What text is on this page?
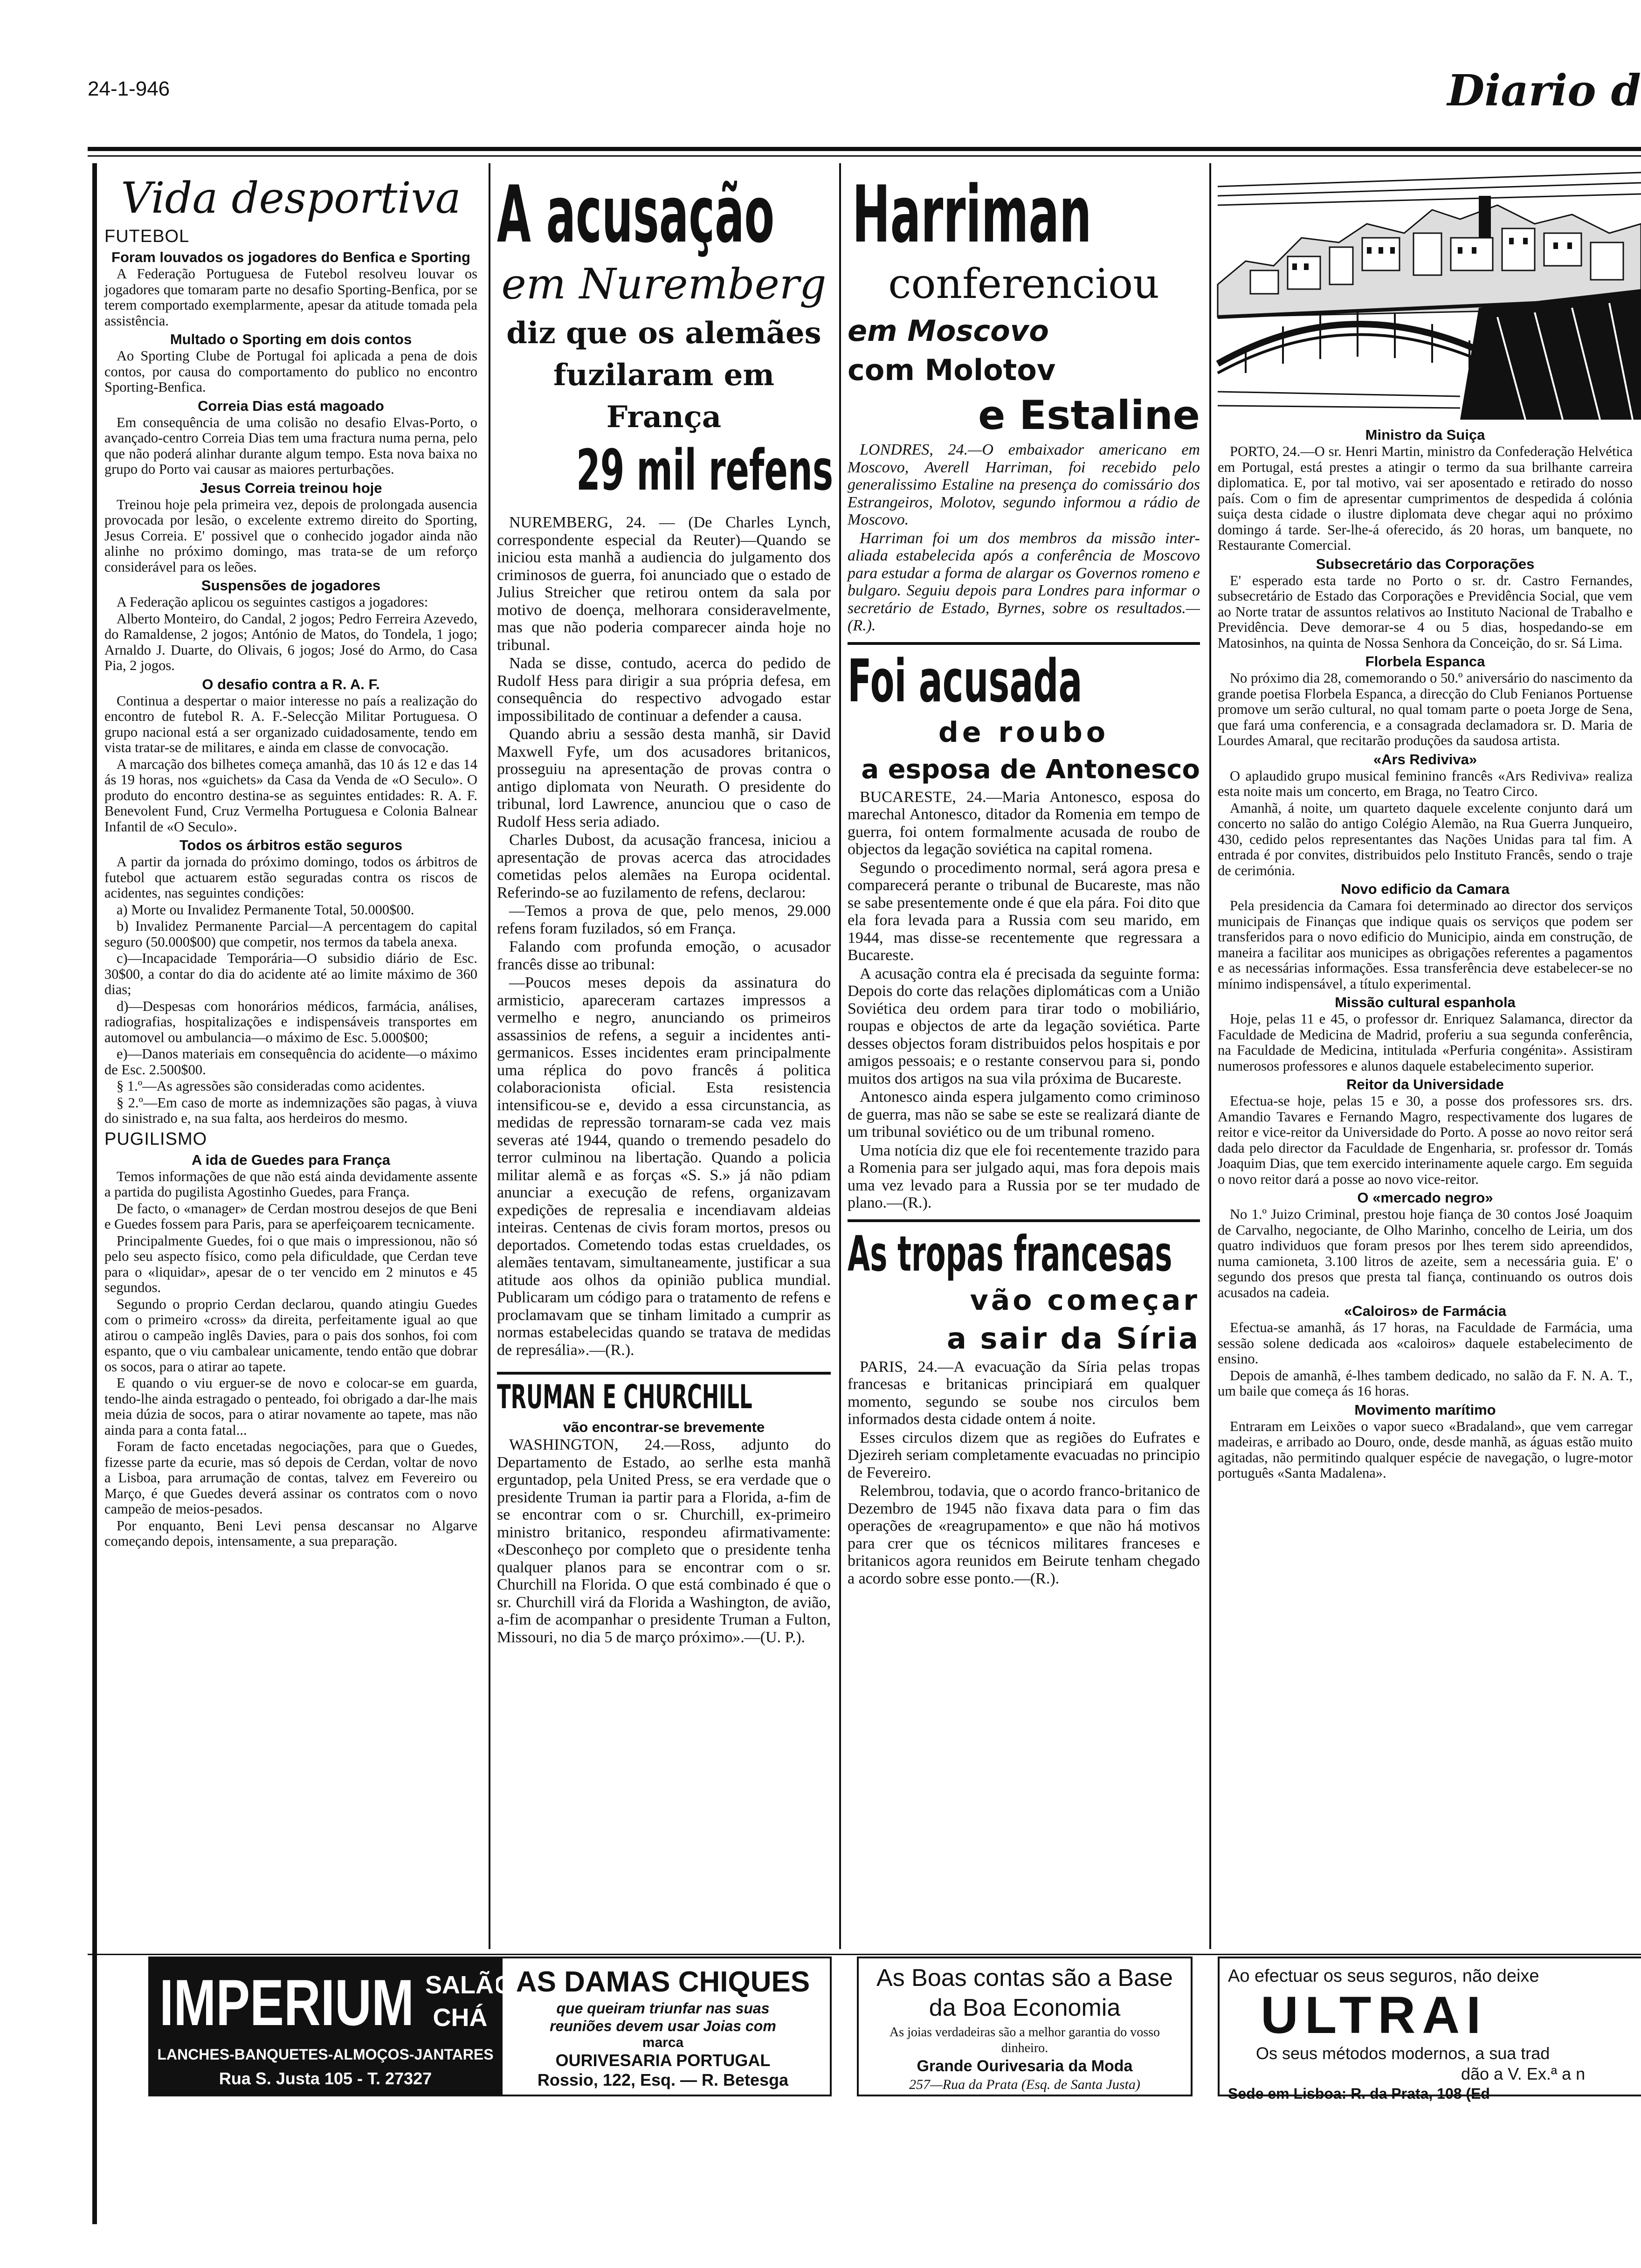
24-1-946	Diario d
Vida desportiva
FUTEBOL
Foram louvados os jogadores do Benfica e Sporting

A Federação Portuguesa de Futebol resolveu louvar os jogadores que tomaram parte no desafio Sporting-Benfica, por se terem comportado exemplarmente, apesar da atitude tomada pela assistência.

Multado o Sporting em dois contos

Ao Sporting Clube de Portugal foi aplicada a pena de dois contos, por causa do comportamento do publico no encontro Sporting-Benfica.

Correia Dias está magoado

Em consequência de uma colisão no desafio Elvas-Porto, o avançado-centro Correia Dias tem uma fractura numa perna, pelo que não poderá alinhar durante algum tempo. Esta nova baixa no grupo do Porto vai causar as maiores perturbações.

Jesus Correia treinou hoje

Treinou hoje pela primeira vez, depois de prolongada ausencia provocada por lesão, o excelente extremo direito do Sporting, Jesus Correia. E' possivel que o conhecido jogador ainda não alinhe no próximo domingo, mas trata-se de um reforço considerável para os leões.

Suspensões de jogadores

A Federação aplicou os seguintes castigos a jogadores:

Alberto Monteiro, do Candal, 2 jogos; Pedro Ferreira Azevedo, do Ramaldense, 2 jogos; António de Matos, do Tondela, 1 jogo; Arnaldo J. Duarte, do Olivais, 6 jogos; José do Armo, do Casa Pia, 2 jogos.

O desafio contra a R. A. F.

Continua a despertar o maior interesse no país a realização do encontro de futebol R. A. F.-Selecção Militar Portuguesa. O grupo nacional está a ser organizado cuidadosamente, tendo em vista tratar-se de militares, e ainda em classe de convocação.

A marcação dos bilhetes começa amanhã, das 10 ás 12 e das 14 ás 19 horas, nos «guichets» da Casa da Venda de «O Seculo». O produto do encontro destina-se as seguintes entidades: R. A. F. Benevolent Fund, Cruz Vermelha Portuguesa e Colonia Balnear Infantil de «O Seculo».

Todos os árbitros estão seguros

A partir da jornada do próximo domingo, todos os árbitros de futebol que actuarem estão seguradas contra os riscos de acidentes, nas seguintes condições:

a) Morte ou Invalidez Permanente Total, 50.000$00.

b) Invalidez Permanente Parcial—A percentagem do capital seguro (50.000$00) que competir, nos termos da tabela anexa.

c)—Incapacidade Temporária—O subsidio diário de Esc. 30$00, a contar do dia do acidente até ao limite máximo de 360 dias;

d)—Despesas com honorários médicos, farmácia, análises, radiografias, hospitalizações e indispensáveis transportes em automovel ou ambulancia—o máximo de Esc. 5.000$00;

e)—Danos materiais em consequência do acidente—o máximo de Esc. 2.500$00.

§ 1.º—As agressões são consideradas como acidentes.

§ 2.º—Em caso de morte as indemnizações são pagas, à viuva do sinistrado e, na sua falta, aos herdeiros do mesmo.

PUGILISMO
A ida de Guedes para França

Temos informações de que não está ainda devidamente assente a partida do pugilista Agostinho Guedes, para França.

De facto, o «manager» de Cerdan mostrou desejos de que Beni e Guedes fossem para Paris, para se aperfeiçoarem tecnicamente.

Principalmente Guedes, foi o que mais o impressionou, não só pelo seu aspecto físico, como pela dificuldade, que Cerdan teve para o «liquidar», apesar de o ter vencido em 2 minutos e 45 segundos.

Segundo o proprio Cerdan declarou, quando atingiu Guedes com o primeiro «cross» da direita, perfeitamente igual ao que atirou o campeão inglês Davies, para o pais dos sonhos, foi com espanto, que o viu cambalear unicamente, tendo então que dobrar os socos, para o atirar ao tapete.

E quando o viu erguer-se de novo e colocar-se em guarda, tendo-lhe ainda estragado o penteado, foi obrigado a dar-lhe mais meia dúzia de socos, para o atirar novamente ao tapete, mas não ainda para a conta fatal...

Foram de facto encetadas negociações, para que o Guedes, fizesse parte da ecurie, mas só depois de Cerdan, voltar de novo a Lisboa, para arrumação de contas, talvez em Fevereiro ou Março, é que Guedes deverá assinar os contratos com o novo campeão de meios-pesados.

Por enquanto, Beni Levi pensa descansar no Algarve começando depois, intensamente, a sua preparação.

A acusação
em Nuremberg
diz que os alemães
fuzilaram em França
29 mil refens

NUREMBERG, 24. — (De Charles Lynch, correspondente especial da Reuter)—Quando se iniciou esta manhã a audiencia do julgamento dos criminosos de guerra, foi anunciado que o estado de Julius Streicher que retirou ontem da sala por motivo de doença, melhorara consideravelmente, mas que não poderia comparecer ainda hoje no tribunal.

Nada se disse, contudo, acerca do pedido de Rudolf Hess para dirigir a sua própria defesa, em consequência do respectivo advogado estar impossibilitado de continuar a defender a causa.

Quando abriu a sessão desta manhã, sir David Maxwell Fyfe, um dos acusadores britanicos, prosseguiu na apresentação de provas contra o antigo diplomata von Neurath. O presidente do tribunal, lord Lawrence, anunciou que o caso de Rudolf Hess seria adiado.

Charles Dubost, da acusação francesa, iniciou a apresentação de provas acerca das atrocidades cometidas pelos alemães na Europa ocidental. Referindo-se ao fuzilamento de refens, declarou:

—Temos a prova de que, pelo menos, 29.000 refens foram fuzilados, só em França.

Falando com profunda emoção, o acusador francês disse ao tribunal:

—Poucos meses depois da assinatura do armisticio, apareceram cartazes impressos a vermelho e negro, anunciando os primeiros assassinios de refens, a seguir a incidentes anti-germanicos. Esses incidentes eram principalmente uma réplica do povo francês á politica colaboracionista oficial. Esta resistencia intensificou-se e, devido a essa circunstancia, as medidas de repressão tornaram-se cada vez mais severas até 1944, quando o tremendo pesadelo do terror culminou na libertação. Quando a policia militar alemã e as forças «S. S.» já não pdiam anunciar a execução de refens, organizavam expedições de represalia e incendiavam aldeias inteiras. Centenas de civis foram mortos, presos ou deportados. Cometendo todas estas crueldades, os alemães tentavam, simultaneamente, justificar a sua atitude aos olhos da opinião publica mundial. Publicaram um código para o tratamento de refens e proclamavam que se tinham limitado a cumprir as normas estabelecidas quando se tratava de medidas de represália».—(R.).

TRUMAN E CHURCHILL
vão encontrar-se brevemente

WASHINGTON, 24.—Ross, adjunto do Departamento de Estado, ao serlhe esta manhã erguntadop, pela United Press, se era verdade que o presidente Truman ia partir para a Florida, a-fim de se encontrar com o sr. Churchill, ex-primeiro ministro britanico, respondeu afirmativamente: «Desconheço por completo que o presidente tenha qualquer planos para se encontrar com o sr. Churchill na Florida. O que está combinado é que o sr. Churchill virá da Florida a Washington, de avião, a-fim de acompanhar o presidente Truman a Fulton, Missouri, no dia 5 de março próximo».—(U. P.).

Harriman
conferenciou
em Moscovo
com Molotov
e Estaline

LONDRES, 24.—O embaixador americano em Moscovo, Averell Harriman, foi recebido pelo generalissimo Estaline na presença do comissário dos Estrangeiros, Molotov, segundo informou a rádio de Moscovo.

Harriman foi um dos membros da missão inter-aliada estabelecida após a conferência de Moscovo para estudar a forma de alargar os Governos romeno e bulgaro. Seguiu depois para Londres para informar o secretário de Estado, Byrnes, sobre os resultados.—(R.).

Foi acusada
de roubo
a esposa de Antonesco

BUCARESTE, 24.—Maria Antonesco, esposa do marechal Antonesco, ditador da Romenia em tempo de guerra, foi ontem formalmente acusada de roubo de objectos da legação soviética na capital romena.

Segundo o procedimento normal, será agora presa e comparecerá perante o tribunal de Bucareste, mas não se sabe presentemente onde é que ela pára. Foi dito que ela fora levada para a Russia com seu marido, em 1944, mas disse-se recentemente que regressara a Bucareste.

A acusação contra ela é precisada da seguinte forma: Depois do corte das relações diplomáticas com a União Soviética deu ordem para tirar todo o mobiliário, roupas e objectos de arte da legação soviética. Parte desses objectos foram distribuidos pelos hospitais e por amigos pessoais; e o restante conservou para si, pondo muitos dos artigos na sua vila próxima de Bucareste.

Antonesco ainda espera julgamento como criminoso de guerra, mas não se sabe se este se realizará diante de um tribunal soviético ou de um tribunal romeno.

Uma notícia diz que ele foi recentemente trazido para a Romenia para ser julgado aqui, mas fora depois mais uma vez levado para a Russia por se ter mudado de plano.—(R.).

As tropas francesas
vão começar
a sair da Síria

PARIS, 24.—A evacuação da Síria pelas tropas francesas e britanicas principiará em qualquer momento, segundo se soube nos circulos bem informados desta cidade ontem á noite.

Esses circulos dizem que as regiões do Eufrates e Djezireh seriam completamente evacuadas no principio de Fevereiro.

Relembrou, todavia, que o acordo franco-britanico de Dezembro de 1945 não fixava data para o fim das operações de «reagrupamento» e que não há motivos para crer que os técnicos militares franceses e britanicos agora reunidos em Beirute tenham chegado a acordo sobre esse ponto.—(R.).

Ministro da Suiça

PORTO, 24.—O sr. Henri Martin, ministro da Confederação Helvética em Portugal, está prestes a atingir o termo da sua brilhante carreira diplomatica. E, por tal motivo, vai ser aposentado e retirado do nosso país. Com o fim de apresentar cumprimentos de despedida á colónia suiça desta cidade o ilustre diplomata deve chegar aqui no próximo domingo á tarde. Ser-lhe-á oferecido, ás 20 horas, um banquete, no Restaurante Comercial.

Subsecretário das Corporações

E' esperado esta tarde no Porto o sr. dr. Castro Fernandes, subsecretário de Estado das Corporações e Previdência Social, que vem ao Norte tratar de assuntos relativos ao Instituto Nacional de Trabalho e Previdência. Deve demorar-se 4 ou 5 dias, hospedando-se em Matosinhos, na quinta de Nossa Senhora da Conceição, do sr. Sá Lima.

Florbela Espanca

No próximo dia 28, comemorando o 50.º aniversário do nascimento da grande poetisa Florbela Espanca, a direcção do Club Fenianos Portuense promove um serão cultural, no qual tomam parte o poeta Jorge de Sena, que fará uma conferencia, e a consagrada declamadora sr. D. Maria de Lourdes Amaral, que recitarão produções da saudosa artista.

«Ars Rediviva»

O aplaudido grupo musical feminino francês «Ars Rediviva» realiza esta noite mais um concerto, em Braga, no Teatro Circo.

Amanhã, á noite, um quarteto daquele excelente conjunto dará um concerto no salão do antigo Colégio Alemão, na Rua Guerra Junqueiro, 430, cedido pelos representantes das Nações Unidas para tal fim. A entrada é por convites, distribuidos pelo Instituto Francês, sendo o traje de cerimónia.

Novo edificio da Camara

Pela presidencia da Camara foi determinado ao director dos serviços municipais de Finanças que indique quais os serviços que podem ser transferidos para o novo edificio do Municipio, ainda em construção, de maneira a facilitar aos municipes as obrigações referentes a pagamentos e as necessárias informações. Essa transferência deve estabelecer-se no mínimo indispensável, a título experimental.

Missão cultural espanhola

Hoje, pelas 11 e 45, o professor dr. Enriquez Salamanca, director da Faculdade de Medicina de Madrid, proferiu a sua segunda conferência, na Faculdade de Medicina, intitulada «Perfuria congénita». Assistiram numerosos professores e alunos daquele estabelecimento superior.

Reitor da Universidade

Efectua-se hoje, pelas 15 e 30, a posse dos professores srs. drs. Amandio Tavares e Fernando Magro, respectivamente dos lugares de reitor e vice-reitor da Universidade do Porto. A posse ao novo reitor será dada pelo director da Faculdade de Engenharia, sr. professor dr. Tomás Joaquim Dias, que tem exercido interinamente aquele cargo. Em seguida o novo reitor dará a posse ao novo vice-reitor.

O «mercado negro»

No 1.º Juizo Criminal, prestou hoje fiança de 30 contos José Joaquim de Carvalho, negociante, de Olho Marinho, concelho de Leiria, um dos quatro individuos que foram presos por lhes terem sido apreendidos, numa camioneta, 3.100 litros de azeite, sem a necessária guia. E' o segundo dos presos que presta tal fiança, continuando os outros dois acusados na cadeia.

«Caloiros» de Farmácia

Efectua-se amanhã, ás 17 horas, na Faculdade de Farmácia, uma sessão solene dedicada aos «caloiros» daquele estabelecimento de ensino.

Depois de amanhã, é-lhes tambem dedicado, no salão da F. N. A. T., um baile que começa ás 16 horas.

Movimento marítimo

Entraram em Leixões o vapor sueco «Bradaland», que vem carregar madeiras, e arribado ao Douro, onde, desde manhã, as águas estão muito agitadas, não permitindo qualquer espécie de navegação, o lugre-motor português «Santa Madalena».

IMPERIUM SALÃO
CHÁ
LANCHES-BANQUETES-ALMOÇOS-JANTARES
Rua S. Justa 105 - T. 27327
AS DAMAS CHIQUES
que queiram triunfar nas suas
reuniões devem usar Joias com
marca
OURIVESARIA PORTUGAL
Rossio, 122, Esq. — R. Betesga
As Boas contas são a Base
da Boa Economia
As joias verdadeiras são a melhor garantia do vosso dinheiro.
Grande Ourivesaria da Moda
257—Rua da Prata (Esq. de Santa Justa)
Ao efectuar os seus seguros, não deixe
ULTRAI
Os seus métodos modernos, a sua trad
dão a V. Ex.ª a n
Sede em Lisboa: R. da Prata, 108 (Ed
